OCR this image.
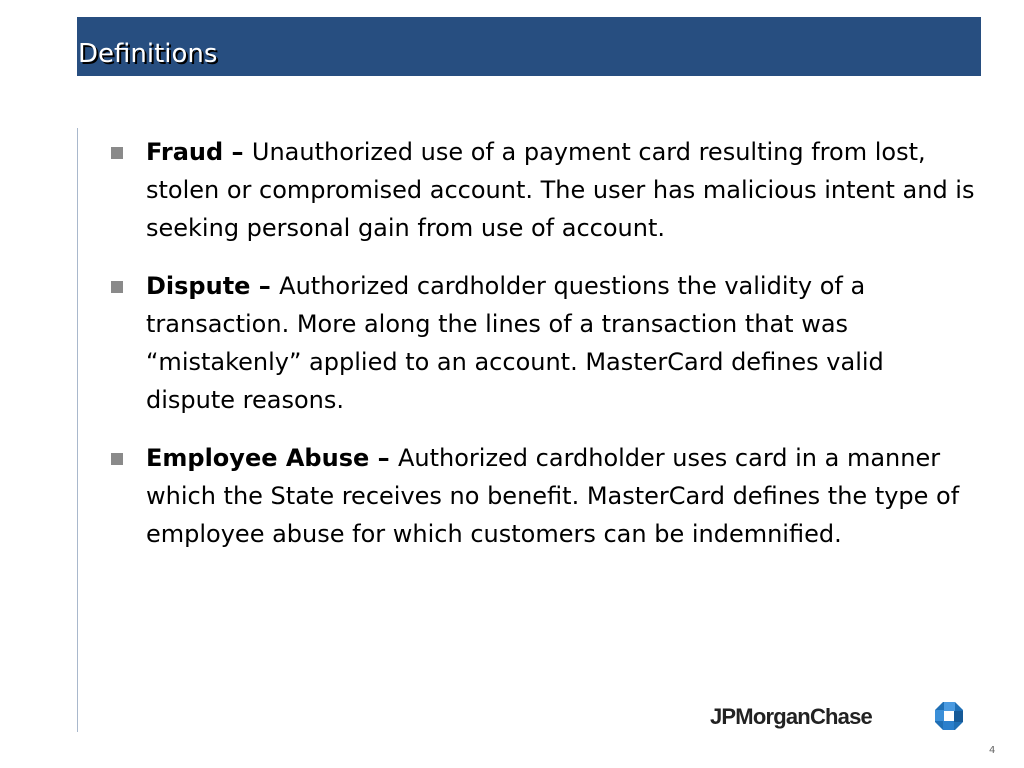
Definitions
Fraud – Unauthorized use of a payment card resulting from lost, stolen or compromised account. The user has malicious intent and is seeking personal gain from use of account.
Dispute – Authorized cardholder questions the validity of a transaction. More along the lines of a transaction that was “mistakenly” applied to an account. MasterCard defines valid dispute reasons.
Employee Abuse – Authorized cardholder uses card in a manner which the State receives no benefit. MasterCard defines the type of employee abuse for which customers can be indemnified.
JPMorganChase
4
